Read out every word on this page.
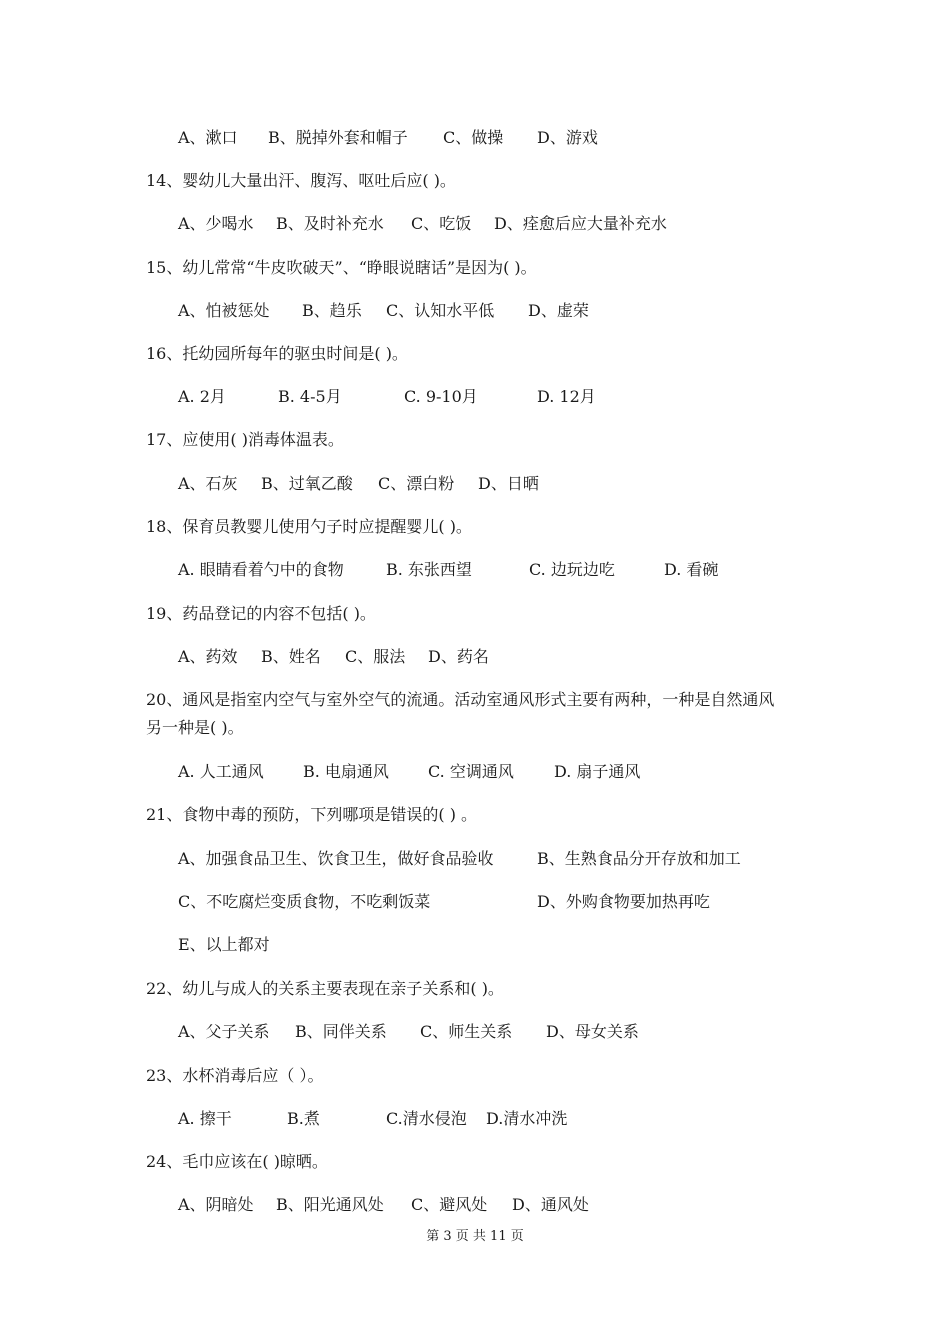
A、漱口 B、脱掉外套和帽子 C、做操 D、游戏
14、婴幼儿大量出汗、腹泻、呕吐后应( )。
A、少喝水 B、及时补充水 C、吃饭 D、痊愈后应大量补充水
15、幼儿常常“牛皮吹破天”、“睁眼说瞎话”是因为( )。
A、怕被惩处 B、趋乐 C、认知水平低 D、虚荣
16、托幼园所每年的驱虫时间是( )。
A. 2月	B. 4-5月	C. 9-10月	D. 12月
17、应使用( )消毒体温表。
A、石灰 B、过氧乙酸 C、漂白粉 D、日晒
18、保育员教婴儿使用勺子时应提醒婴儿( )。
A. 眼睛看着勺中的食物	B. 东张西望	C. 边玩边吃	D. 看碗
19、药品登记的内容不包括( )。
A、药效 B、姓名 C、服法 D、药名
20、通风是指室内空气与室外空气的流通。活动室通风形式主要有两种，一种是自然通风
另一种是( )。
A. 人工通风 B. 电扇通风 C. 空调通风	D. 扇子通风
21、食物中毒的预防，下列哪项是错误的( ) 。
A、加强食品卫生、饮食卫生，做好食品验收	B、生熟食品分开存放和加工
C、不吃腐烂变质食物，不吃剩饭菜	D、外购食物要加热再吃
E、以上都对
22、幼儿与成人的关系主要表现在亲子关系和( )。
A、父子关系 B、同伴关系 C、师生关系 D、母女关系
23、水杯消毒后应（ ）。
A. 擦干	B.煮	C.清水侵泡 D.清水冲洗
24、毛巾应该在( )晾晒。
A、阴暗处 B、阳光通风处 C、避风处 D、通风处
第 3 页 共 11 页
